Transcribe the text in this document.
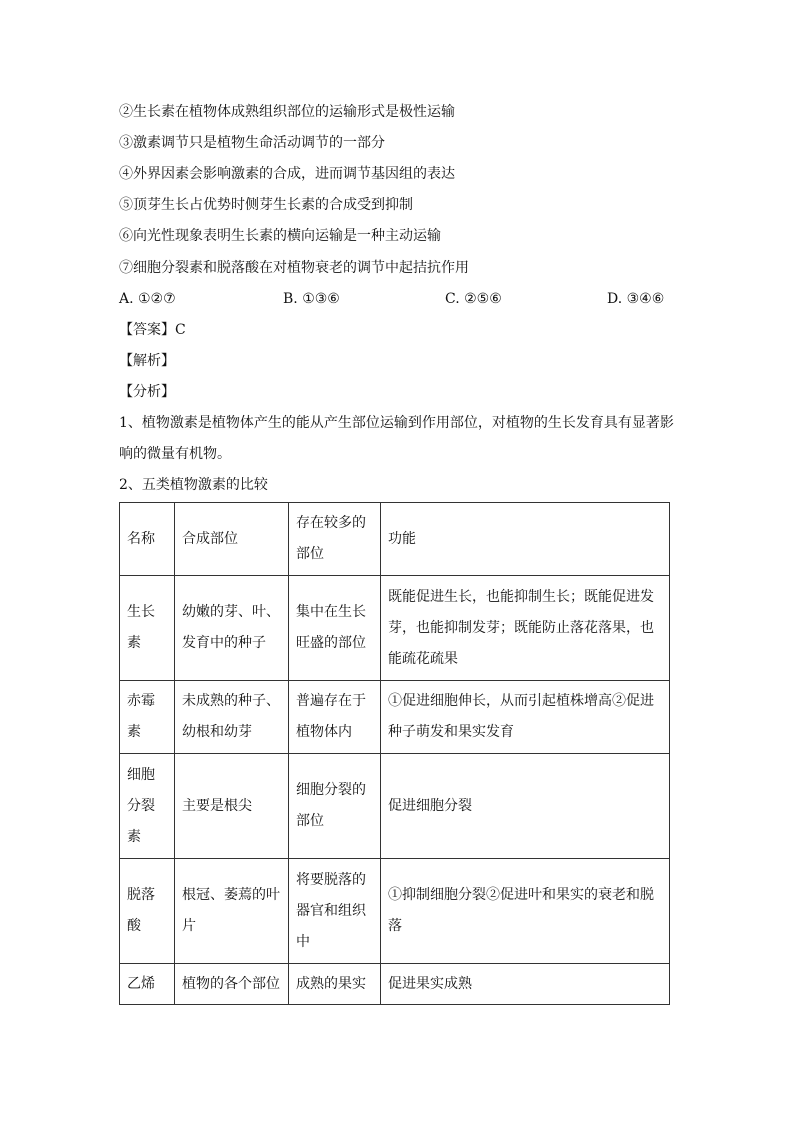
②生长素在植物体成熟组织部位的运输形式是极性运输
③激素调节只是植物生命活动调节的一部分
④外界因素会影响激素的合成，进而调节基因组的表达
⑤顶芽生长占优势时侧芽生长素的合成受到抑制
⑥向光性现象表明生长素的横向运输是一种主动运输
⑦细胞分裂素和脱落酸在对植物衰老的调节中起拮抗作用
A. ①②⑦	B. ①③⑥	C. ②⑤⑥	D. ③④⑥
【答案】C
【解析】
【分析】
1、植物激素是植物体产生的能从产生部位运输到作用部位，对植物的生长发育具有显著影响的微量有机物。
2、五类植物激素的比较
名称	合成部位	存在较多的部位	功能
生长素	幼嫩的芽、叶、发育中的种子	集中在生长旺盛的部位	既能促进生长，也能抑制生长；既能促进发芽，也能抑制发芽；既能防止落花落果，也能疏花疏果
赤霉素	未成熟的种子、幼根和幼芽	普遍存在于植物体内	①促进细胞伸长，从而引起植株增高②促进种子萌发和果实发育
细胞分裂素	主要是根尖	细胞分裂的部位	促进细胞分裂
脱落酸	根冠、萎蔫的叶片	将要脱落的器官和组织中	①抑制细胞分裂②促进叶和果实的衰老和脱落
乙烯	植物的各个部位	成熟的果实	促进果实成熟
